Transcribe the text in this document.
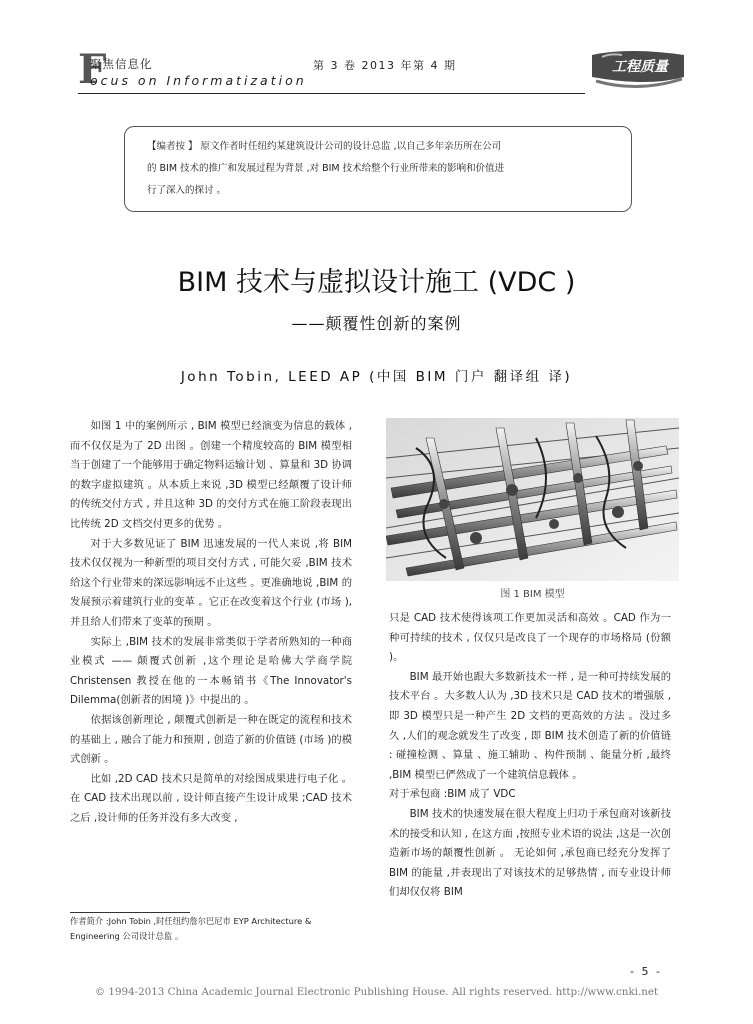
F
聚焦信息化
ocus on Informatization
第 3 卷 2013 年第 4 期	工程质量
【编者按 】 原文作者时任纽约某建筑设计公司的设计总监 ,以自己多年亲历所在公司
的 BIM 技术的推广和发展过程为背景 ,对 BIM 技术给整个行业所带来的影响和价值进
行了深入的探讨 。
BIM 技术与虚拟设计施工 (VDC )
——颠覆性创新的案例
John Tobin, LEED AP (中国 BIM 门户 翻译组 译)

如图 1 中的案例所示 , BIM 模型已经演变为信息的载体 ,而不仅仅是为了 2D 出图 。创建一个精度较高的 BIM 模型相当于创建了一个能够用于确定物料运输计划 、算量和 3D 协调的数字虚拟建筑 。从本质上来说 ,3D 模型已经颠覆了设计师的传统交付方式 , 并且这种 3D 的交付方式在施工阶段表现出比传统 2D 文档交付更多的优势 。

对于大多数见证了 BIM 迅速发展的一代人来说 ,将 BIM 技术仅仅视为一种新型的项目交付方式 , 可能欠妥 ,BIM 技术给这个行业带来的深远影响远不止这些 。更准确地说 ,BIM 的发展预示着建筑行业的变革 。它正在改变着这个行业 (市场 ),并且给人们带来了变革的预期 。

实际上 ,BIM 技术的发展非常类似于学者所熟知的一种商业模式 —— 颠覆式创新 ,这个理论是哈佛大学商学院 Christensen 教授在他的一本畅销书《The Innovator's Dilemma(创新者的困境 )》中提出的 。

依据该创新理论 , 颠覆式创新是一种在既定的流程和技术的基础上 , 融合了能力和预期 , 创造了新的价值链 (市场 )的模式创新 。

比如 ,2D CAD 技术只是简单的对绘图成果进行电子化 。在 CAD 技术出现以前 , 设计师直接产生设计成果 ;CAD 技术之后 ,设计师的任务并没有多大改变 ,

图 1 BIM 模型

只是 CAD 技术使得该项工作更加灵活和高效 。CAD 作为一种可持续的技术 , 仅仅只是改良了一个现存的市场格局 (份额 )。

BIM 最开始也跟大多数新技术一样 , 是一种可持续发展的技术平台 。大多数人认为 ,3D 技术只是 CAD 技术的增强版 , 即 3D 模型只是一种产生 2D 文档的更高效的方法 。没过多久 ,人们的观念就发生了改变 , 即 BIM 技术创造了新的价值链 : 碰撞检测 、算量 、施工辅助 、构件预制 、能量分析 ,最终 ,BIM 模型已俨然成了一个建筑信息载体 。

对于承包商 :BIM 成了 VDC

BIM 技术的快速发展在很大程度上归功于承包商对该新技术的接受和认知 , 在这方面 ,按照专业术语的说法 ,这是一次创造新市场的颠覆性创新 。 无论如何 ,承包商已经充分发挥了 BIM 的能量 ,并表现出了对该技术的足够热情 , 而专业设计师们却仅仅将 BIM

作者简介 :John Tobin ,时任纽约詹尔巴尼市 EYP Architecture & Engineering 公司设计总监 。
- 5 -
© 1994-2013 China Academic Journal Electronic Publishing House. All rights reserved. http://www.cnki.net
